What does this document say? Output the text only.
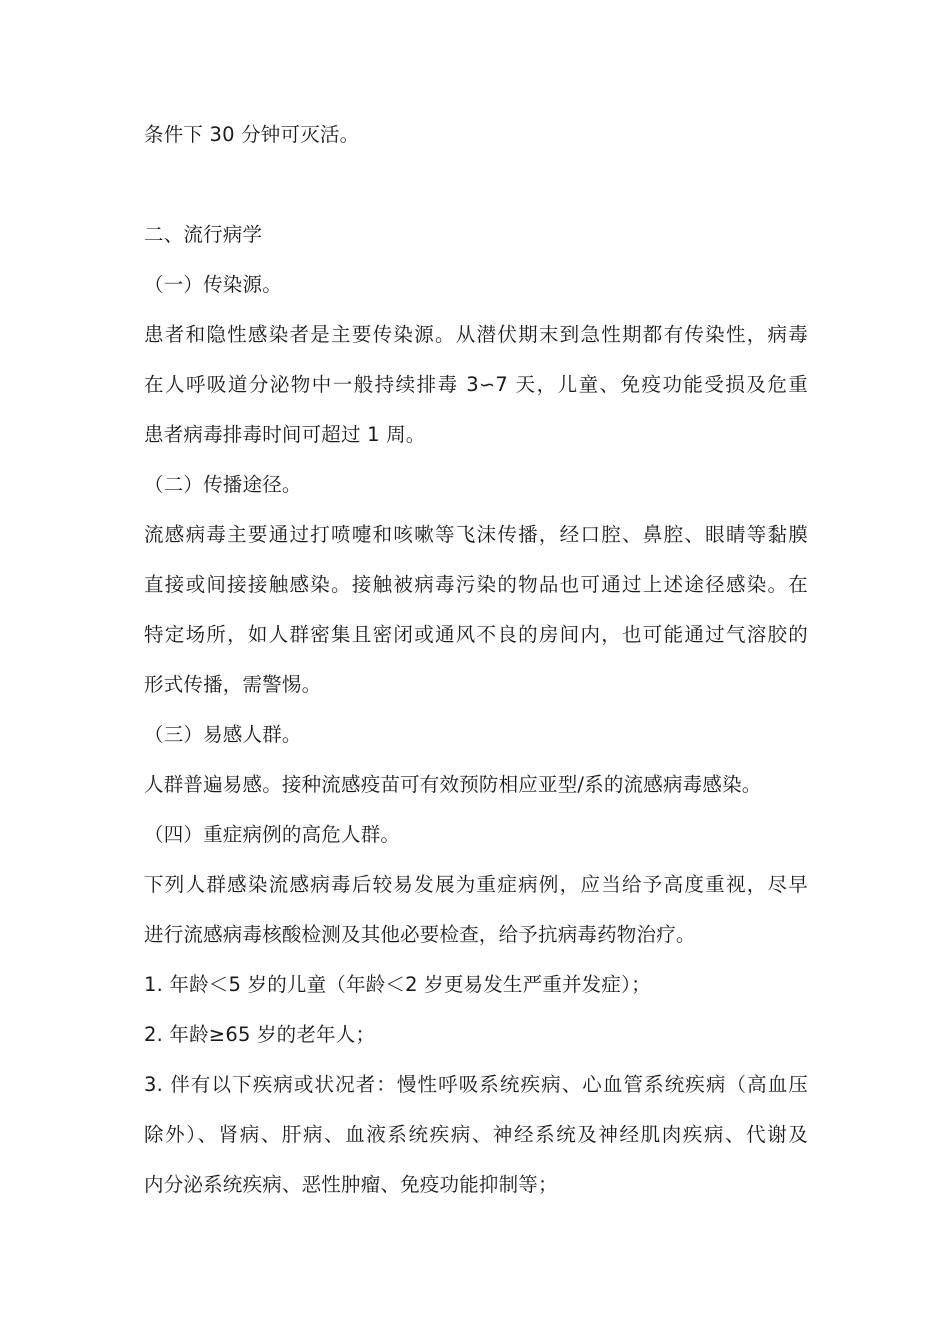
条件下 30 分钟可灭活。
二、流行病学
（一）传染源。
患者和隐性感染者是主要传染源。从潜伏期末到急性期都有传染性，病毒
在人呼吸道分泌物中一般持续排毒 3∽7 天，儿童、免疫功能受损及危重
患者病毒排毒时间可超过 1 周。
（二）传播途径。
流感病毒主要通过打喷嚏和咳嗽等飞沫传播，经口腔、鼻腔、眼睛等黏膜
直接或间接接触感染。接触被病毒污染的物品也可通过上述途径感染。在
特定场所，如人群密集且密闭或通风不良的房间内，也可能通过气溶胶的
形式传播，需警惕。
（三）易感人群。
人群普遍易感。接种流感疫苗可有效预防相应亚型/系的流感病毒感染。
（四）重症病例的高危人群。
下列人群感染流感病毒后较易发展为重症病例，应当给予高度重视，尽早
进行流感病毒核酸检测及其他必要检查，给予抗病毒药物治疗。
1. 年龄＜5 岁的儿童（年龄＜2 岁更易发生严重并发症）；
2. 年龄≥65 岁的老年人；
3. 伴有以下疾病或状况者：慢性呼吸系统疾病、心血管系统疾病（高血压
除外）、肾病、肝病、血液系统疾病、神经系统及神经肌肉疾病、代谢及
内分泌系统疾病、恶性肿瘤、免疫功能抑制等；
